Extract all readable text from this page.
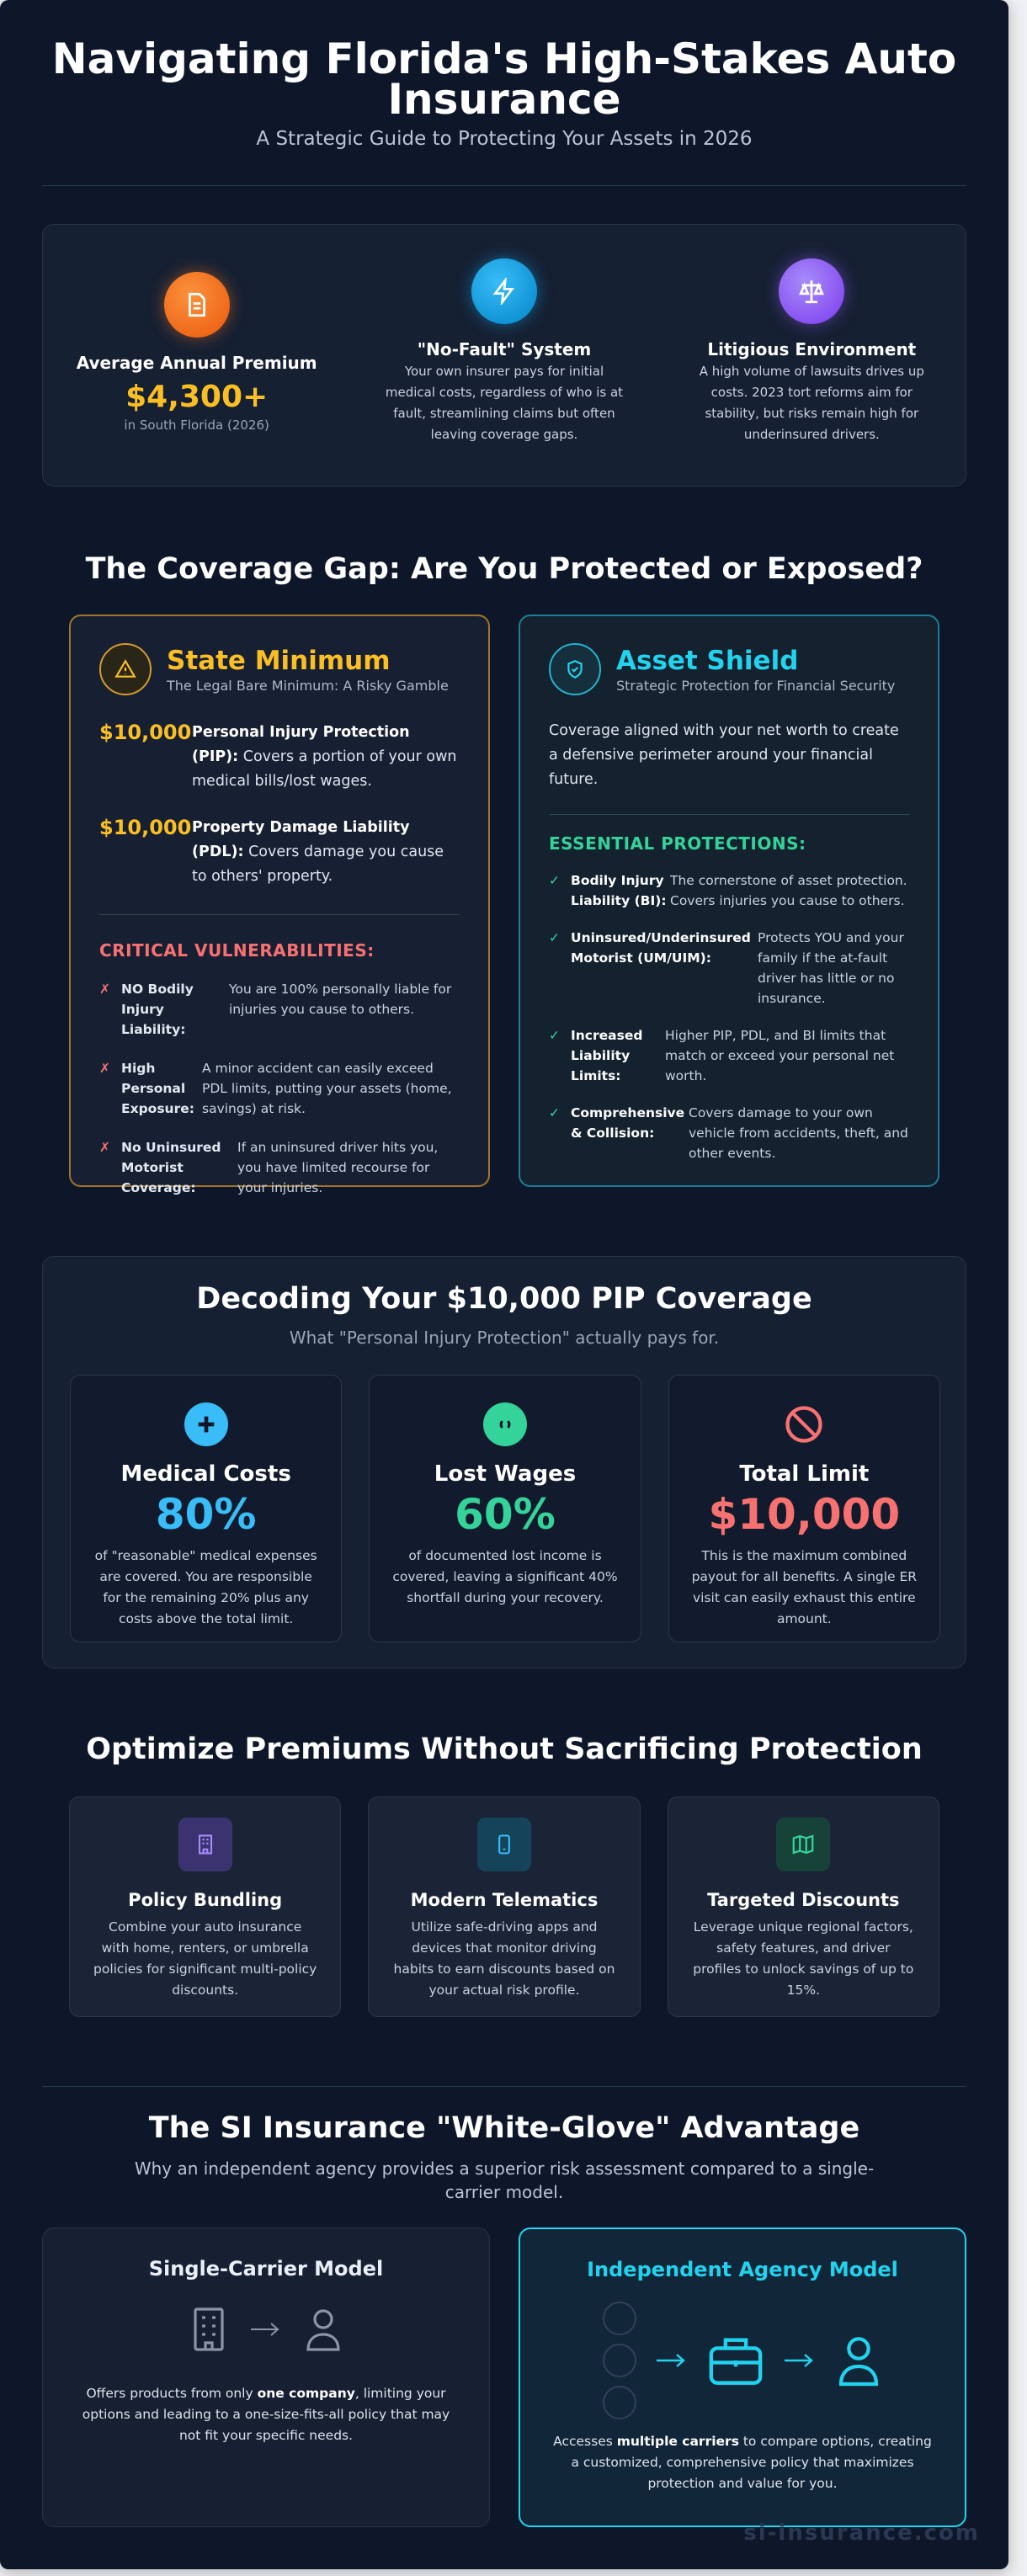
Navigating Florida's High-Stakes Auto Insurance
A Strategic Guide to Protecting Your Assets in 2026
Average Annual Premium
$4,300+
in South Florida (2026)
"No-Fault" System

Your own insurer pays for initial medical costs, regardless of who is at fault, streamlining claims but often leaving coverage gaps.

Litigious Environment

A high volume of lawsuits drives up costs. 2023 tort reforms aim for stability, but risks remain high for underinsured drivers.

The Coverage Gap: Are You Protected or Exposed?
State Minimum

The Legal Bare Minimum: A Risky Gamble

$10,000 Personal Injury Protection (PIP): Covers a portion of your own medical bills/lost wages.
$10,000 Property Damage Liability (PDL): Covers damage you cause to others' property.
CRITICAL VULNERABILITIES:
✗ NO Bodily Injury Liability:
You are 100% personally liable for injuries you cause to others.
✗ High Personal Exposure:
A minor accident can easily exceed PDL limits, putting your assets (home, savings) at risk.
✗ No Uninsured Motorist Coverage:
If an uninsured driver hits you, you have limited recourse for your injuries.
Asset Shield

Strategic Protection for Financial Security

Coverage aligned with your net worth to create a defensive perimeter around your financial future.

ESSENTIAL PROTECTIONS:
✓ Bodily Injury Liability (BI):
The cornerstone of asset protection. Covers injuries you cause to others.
✓ Uninsured/Underinsured Motorist (UM/UIM):
Protects YOU and your family if the at-fault driver has little or no insurance.
✓ Increased Liability Limits:
Higher PIP, PDL, and BI limits that match or exceed your personal net worth.
✓ Comprehensive & Collision:
Covers damage to your own vehicle from accidents, theft, and other events.
Decoding Your $10,000 PIP Coverage
What "Personal Injury Protection" actually pays for.
Medical Costs
80%

of "reasonable" medical expenses are covered. You are responsible for the remaining 20% plus any costs above the total limit.

Lost Wages
60%

of documented lost income is covered, leaving a significant 40% shortfall during your recovery.

Total Limit
$10,000

This is the maximum combined payout for all benefits. A single ER visit can easily exhaust this entire amount.

Optimize Premiums Without Sacrificing Protection
Policy Bundling

Combine your auto insurance with home, renters, or umbrella policies for significant multi-policy discounts.

Modern Telematics

Utilize safe-driving apps and devices that monitor driving habits to earn discounts based on your actual risk profile.

Targeted Discounts

Leverage unique regional factors, safety features, and driver profiles to unlock savings of up to 15%.

The SI Insurance "White-Glove" Advantage
Why an independent agency provides a superior risk assessment compared to a single-carrier model.
Single-Carrier Model

Offers products from only one company, limiting your options and leading to a one-size-fits-all policy that may not fit your specific needs.

Independent Agency Model

Accesses multiple carriers to compare options, creating a customized, comprehensive policy that maximizes protection and value for you.

si-insurance.com
